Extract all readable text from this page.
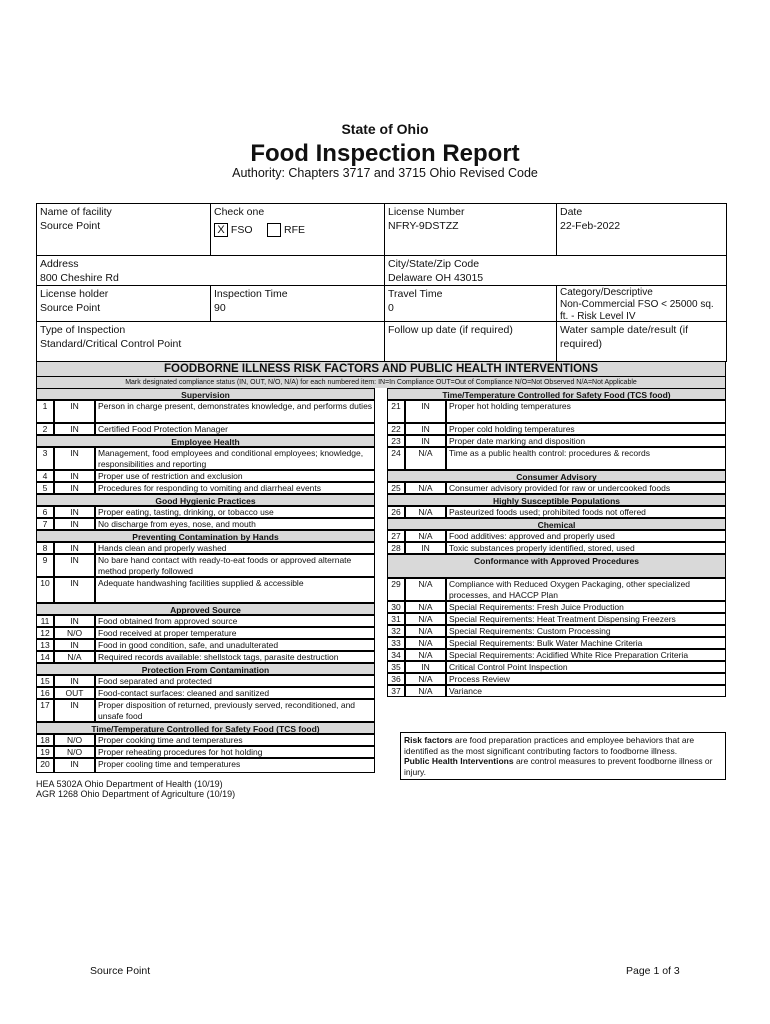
State of Ohio
Food Inspection Report
Authority: Chapters 3717 and 3715 Ohio Revised Code
Name of facility
Source Point
Check one
X FSO	RFE
License Number
NFRY-9DSTZZ
Date
22-Feb-2022
Address
800 Cheshire Rd
City/State/Zip Code
Delaware OH 43015
License holder
Source Point
Inspection Time
90
Travel Time
0
Category/Descriptive
Non-Commercial FSO < 25000 sq. ft. - Risk Level IV
Type of Inspection
Standard/Critical Control Point
Follow up date (if required)	Water sample date/result (if required)
FOODBORNE ILLNESS RISK FACTORS AND PUBLIC HEALTH INTERVENTIONS
Mark designated compliance status (IN, OUT, N/O, N/A) for each numbered item: IN=In Compliance OUT=Out of Compliance N/O=Not Observed N/A=Not Applicable
Supervision
1	IN	Person in charge present, demonstrates knowledge, and performs duties
2	IN	Certified Food Protection Manager
Employee Health
3	IN	Management, food employees and conditional employees; knowledge, responsibilities and reporting
4	IN	Proper use of restriction and exclusion
5	IN	Procedures for responding to vomiting and diarrheal events
Good Hygienic Practices
6	IN	Proper eating, tasting, drinking, or tobacco use
7	IN	No discharge from eyes, nose, and mouth
Preventing Contamination by Hands
8	IN	Hands clean and properly washed
9	IN	No bare hand contact with ready-to-eat foods or approved alternate method properly followed
10	IN	Adequate handwashing facilities supplied & accessible
Approved Source
11	IN	Food obtained from approved source
12	N/O	Food received at proper temperature
13	IN	Food in good condition, safe, and unadulterated
14	N/A	Required records available: shellstock tags, parasite destruction
Protection From Contamination
15	IN	Food separated and protected
16	OUT	Food-contact surfaces: cleaned and sanitized
17	IN	Proper disposition of returned, previously served, reconditioned, and unsafe food
Time/Temperature Controlled for Safety Food (TCS food)
18	N/O	Proper cooking time and temperatures
19	N/O	Proper reheating procedures for hot holding
20	IN	Proper cooling time and temperatures
Time/Temperature Controlled for Safety Food (TCS food)
21	IN	Proper hot holding temperatures
22	IN	Proper cold holding temperatures
23	IN	Proper date marking and disposition
24	N/A	Time as a public health control: procedures & records
Consumer Advisory
25	N/A	Consumer advisory provided for raw or undercooked foods
Highly Susceptible Populations
26	N/A	Pasteurized foods used; prohibited foods not offered
Chemical
27	N/A	Food additives: approved and properly used
28	IN	Toxic substances properly identified, stored, used
Conformance with Approved Procedures
29	N/A	Compliance with Reduced Oxygen Packaging, other specialized processes, and HACCP Plan
30	N/A	Special Requirements: Fresh Juice Production
31	N/A	Special Requirements: Heat Treatment Dispensing Freezers
32	N/A	Special Requirements: Custom Processing
33	N/A	Special Requirements: Bulk Water Machine Criteria
34	N/A	Special Requirements: Acidified White Rice Preparation Criteria
35	IN	Critical Control Point Inspection
36	N/A	Process Review
37	N/A	Variance
Risk factors are food preparation practices and employee behaviors that are identified as the most significant contributing factors to foodborne illness.
Public Health Interventions are control measures to prevent foodborne illness or injury.
HEA 5302A Ohio Department of Health (10/19)
AGR 1268 Ohio Department of Agriculture (10/19)
Source Point	Page 1 of 3
